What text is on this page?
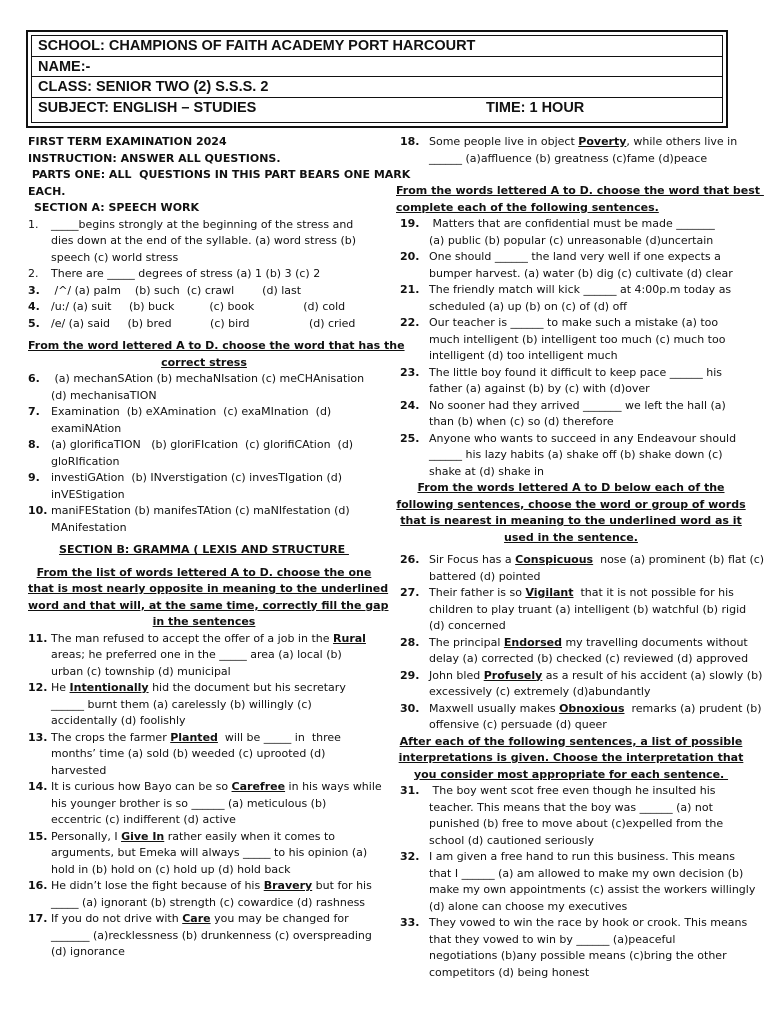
SCHOOL: CHAMPIONS OF FAITH ACADEMY PORT HARCOURT
NAME:-
CLASS: SENIOR TWO (2) S.S.S. 2
SUBJECT: ENGLISH – STUDIES	TIME: 1 HOUR
FIRST TERM EXAMINATION 2024
INSTRUCTION: ANSWER ALL QUESTIONS.
PARTS ONE: ALL  QUESTIONS IN THIS PART BEARS ONE MARK
EACH.
SECTION A: SPEECH WORK
1. _____begins strongly at the beginning of the stress and
dies down at the end of the syllable. (a) word stress (b)
speech (c) world stress
2. There are _____ degrees of stress (a) 1 (b) 3 (c) 2
3. /^/ (a) palm    (b) such  (c) crawl        (d) last
4. /u:/ (a) suit     (b) buck          (c) book              (d) cold
5. /e/ (a) said     (b) bred           (c) bird                 (d) cried
From the word lettered A to D. choose the word that has the
correct stress
6. (a) mechanSAtion (b) mechaNIsation (c) meCHAnisation
(d) mechanisaTION
7. Examination  (b) eXAmination  (c) exaMInation  (d)
examiNAtion
8. (a) glorificaTION   (b) gloriFIcation  (c) glorifiCAtion  (d)
gloRIfication
9. investiGAtion  (b) INverstigation (c) invesTIgation (d)
inVEStigation
10. maniFEStation (b) manifesTAtion (c) maNIfestation (d)
MAnifestation
SECTION B: GRAMMA ( LEXIS AND STRUCTURE
From the list of words lettered A to D. choose the one
that is most nearly opposite in meaning to the underlined
word and that will, at the same time, correctly fill the gap
in the sentences
11. The man refused to accept the offer of a job in the Rural
areas; he preferred one in the _____ area (a) local (b)
urban (c) township (d) municipal
12. He Intentionally hid the document but his secretary
______ burnt them (a) carelessly (b) willingly (c)
accidentally (d) foolishly
13. The crops the farmer Planted  will be _____ in  three
months’ time (a) sold (b) weeded (c) uprooted (d)
harvested
14. It is curious how Bayo can be so Carefree in his ways while
his younger brother is so ______ (a) meticulous (b)
eccentric (c) indifferent (d) active
15. Personally, I Give In rather easily when it comes to
arguments, but Emeka will always _____ to his opinion (a)
hold in (b) hold on (c) hold up (d) hold back
16. He didn’t lose the fight because of his Bravery but for his
_____ (a) ignorant (b) strength (c) cowardice (d) rashness
17. If you do not drive with Care you may be changed for
_______ (a)recklessness (b) drunkenness (c) overspreading
(d) ignorance
18. Some people live in object Poverty, while others live in
______ (a)affluence (b) greatness (c)fame (d)peace
From the words lettered A to D. choose the word that best
complete each of the following sentences.
19. Matters that are confidential must be made _______
(a) public (b) popular (c) unreasonable (d)uncertain
20. One should ______ the land very well if one expects a
bumper harvest. (a) water (b) dig (c) cultivate (d) clear
21. The friendly match will kick ______ at 4:00p.m today as
scheduled (a) up (b) on (c) of (d) off
22. Our teacher is ______ to make such a mistake (a) too
much intelligent (b) intelligent too much (c) much too
intelligent (d) too intelligent much
23. The little boy found it difficult to keep pace ______ his
father (a) against (b) by (c) with (d)over
24. No sooner had they arrived _______ we left the hall (a)
than (b) when (c) so (d) therefore
25. Anyone who wants to succeed in any Endeavour should
______ his lazy habits (a) shake off (b) shake down (c)
shake at (d) shake in
From the words lettered A to D below each of the
following sentences, choose the word or group of words
that is nearest in meaning to the underlined word as it
used in the sentence.
26. Sir Focus has a Conspicuous  nose (a) prominent (b) flat (c)
battered (d) pointed
27. Their father is so Vigilant  that it is not possible for his
children to play truant (a) intelligent (b) watchful (b) rigid
(d) concerned
28. The principal Endorsed my travelling documents without
delay (a) corrected (b) checked (c) reviewed (d) approved
29. John bled Profusely as a result of his accident (a) slowly (b)
excessively (c) extremely (d)abundantly
30. Maxwell usually makes Obnoxious  remarks (a) prudent (b)
offensive (c) persuade (d) queer
After each of the following sentences, a list of possible
interpretations is given. Choose the interpretation that
you consider most appropriate for each sentence.
31. The boy went scot free even though he insulted his
teacher. This means that the boy was ______ (a) not
punished (b) free to move about (c)expelled from the
school (d) cautioned seriously
32. I am given a free hand to run this business. This means
that I ______ (a) am allowed to make my own decision (b)
make my own appointments (c) assist the workers willingly
(d) alone can choose my executives
33. They vowed to win the race by hook or crook. This means
that they vowed to win by ______ (a)peaceful
negotiations (b)any possible means (c)bring the other
competitors (d) being honest
